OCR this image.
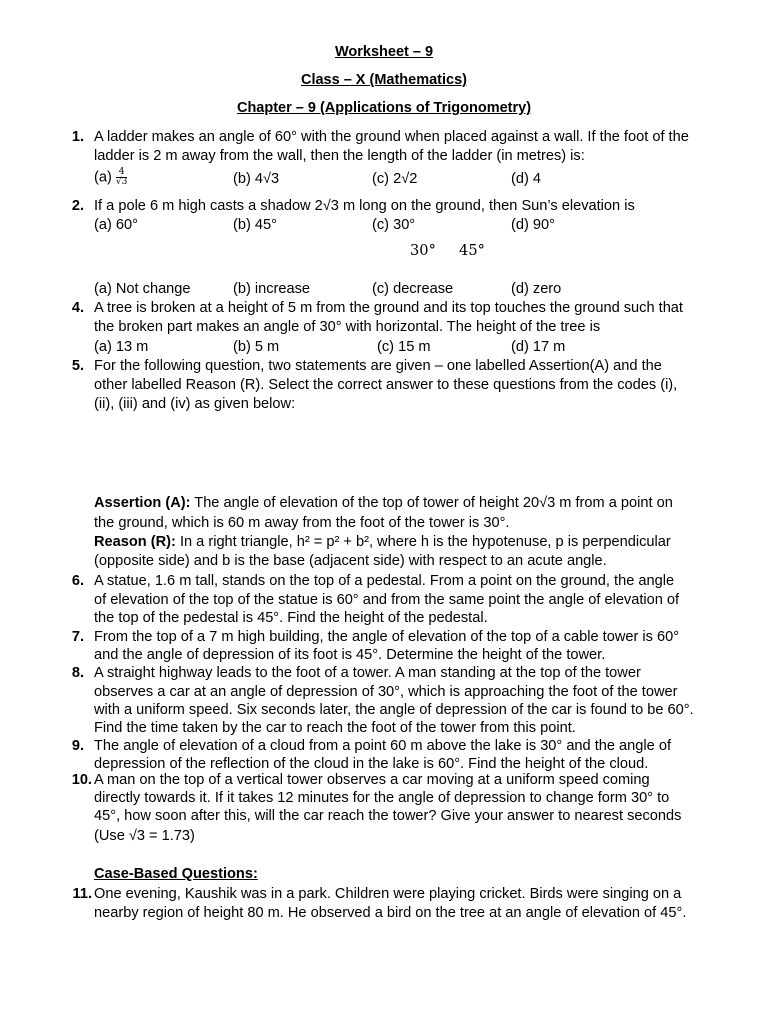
Worksheet – 9
Class – X (Mathematics)
Chapter – 9 (Applications of Trigonometry)
1. A ladder makes an angle of 60° with the ground when placed against a wall. If the foot of the
ladder is 2 m away from the wall, then the length of the ladder (in metres) is:
$(a) \frac{4}{√3}$	(b) 4√3	(c) 2√2	(d) 4
2. If a pole 6 m high casts a shadow 2√3 m long on the ground, then Sun’s elevation is
(a) 60°	(b) 45°	(c) 30°	(d) 90°
30°     45°
(a) Not change	(b) increase	(c) decrease	(d) zero
4. A tree is broken at a height of 5 m from the ground and its top touches the ground such that
the broken part makes an angle of 30° with horizontal. The height of the tree is
(a) 13 m	(b) 5 m	(c) 15 m	(d) 17 m
5. For the following question, two statements are given – one labelled Assertion(A) and the
other labelled Reason (R). Select the correct answer to these questions from the codes (i),
(ii), (iii) and (iv) as given below:
Assertion (A): The angle of elevation of the top of tower of height 20√3 m from a point on
the ground, which is 60 m away from the foot of the tower is 30°.
Reason (R): In a right triangle, h² = p² + b², where h is the hypotenuse, p is perpendicular
(opposite side) and b is the base (adjacent side) with respect to an acute angle.
6. A statue, 1.6 m tall, stands on the top of a pedestal. From a point on the ground, the angle
of elevation of the top of the statue is 60° and from the same point the angle of elevation of
the top of the pedestal is 45°. Find the height of the pedestal.
7. From the top of a 7 m high building, the angle of elevation of the top of a cable tower is 60°
and the angle of depression of its foot is 45°. Determine the height of the tower.
8. A straight highway leads to the foot of a tower. A man standing at the top of the tower
observes a car at an angle of depression of 30°, which is approaching the foot of the tower
with a uniform speed. Six seconds later, the angle of depression of the car is found to be 60°.
Find the time taken by the car to reach the foot of the tower from this point.
9. The angle of elevation of a cloud from a point 60 m above the lake is 30° and the angle of
depression of the reflection of the cloud in the lake is 60°. Find the height of the cloud.
10. A man on the top of a vertical tower observes a car moving at a uniform speed coming
directly towards it. If it takes 12 minutes for the angle of depression to change form 30° to
45°, how soon after this, will the car reach the tower? Give your answer to nearest seconds
(Use √3 = 1.73)
Case-Based Questions:
11. One evening, Kaushik was in a park. Children were playing cricket. Birds were singing on a
nearby region of height 80 m. He observed a bird on the tree at an angle of elevation of 45°.
